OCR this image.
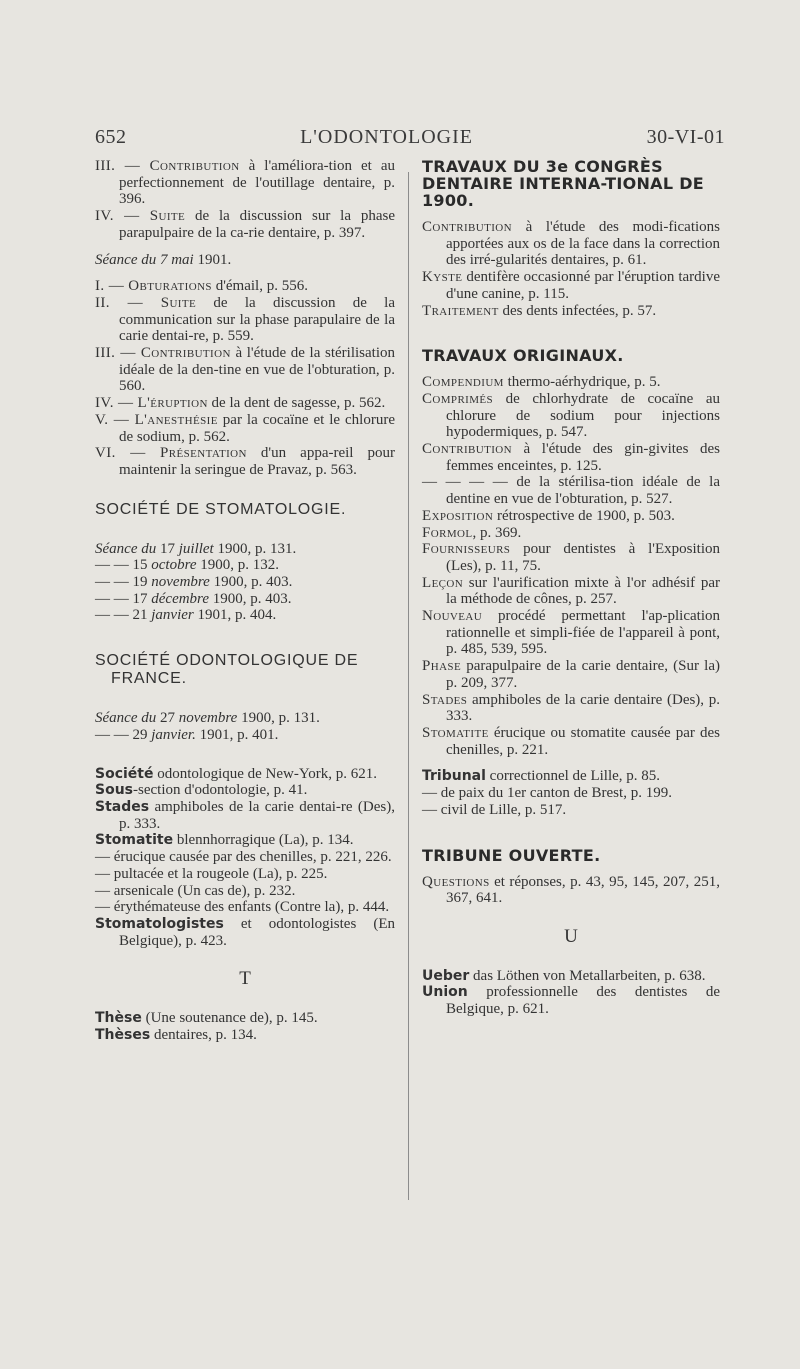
652	L'ODONTOLOGIE	30-VI-01
III. — Contribution à l'améliora-tion et au perfectionnement de l'outillage dentaire, p. 396.
IV. — Suite de la discussion sur la phase parapulpaire de la ca-rie dentaire, p. 397.
Séance du 7 mai 1901.
I. — Obturations d'émail, p. 556.
II. — Suite de la discussion de la communication sur la phase parapulaire de la carie dentai-re, p. 559.
III. — Contribution à l'étude de la stérilisation idéale de la den-tine en vue de l'obturation, p. 560.
IV. — L'éruption de la dent de sagesse, p. 562.
V. — L'anesthésie par la cocaïne et le chlorure de sodium, p. 562.
VI. — Présentation d'un appa-reil pour maintenir la seringue de Pravaz, p. 563.
SOCIÉTÉ DE STOMATOLOGIE.
Séance du 17 juillet 1900, p. 131.
— — 15 octobre 1900, p. 132.
— — 19 novembre 1900, p. 403.
— — 17 décembre 1900, p. 403.
— — 21 janvier 1901, p. 404.
SOCIÉTÉ ODONTOLOGIQUE DE FRANCE.
Séance du 27 novembre 1900, p. 131.
— — 29 janvier. 1901, p. 401.
Société odontologique de New-York, p. 621.
Sous-section d'odontologie, p. 41.
Stades amphiboles de la carie dentai-re (Des), p. 333.
Stomatite blennhorragique (La), p. 134.
— érucique causée par des chenilles, p. 221, 226.
— pultacée et la rougeole (La), p. 225.
— arsenicale (Un cas de), p. 232.
— érythémateuse des enfants (Contre la), p. 444.
Stomatologistes et odontologistes (En Belgique), p. 423.
T
Thèse (Une soutenance de), p. 145.
Thèses dentaires, p. 134.
TRAVAUX DU 3e CONGRÈS DENTAIRE INTERNA-TIONAL DE 1900.
Contribution à l'étude des modi-fications apportées aux os de la face dans la correction des irré-gularités dentaires, p. 61.
Kyste dentifère occasionné par l'éruption tardive d'une canine, p. 115.
Traitement des dents infectées, p. 57.
TRAVAUX ORIGINAUX.
Compendium thermo-aérhydrique, p. 5.
Comprimés de chlorhydrate de cocaïne au chlorure de sodium pour injections hypodermiques, p. 547.
Contribution à l'étude des gin-givites des femmes enceintes, p. 125.
— — — — de la stérilisa-tion idéale de la dentine en vue de l'obturation, p. 527.
Exposition rétrospective de 1900, p. 503.
Formol, p. 369.
Fournisseurs pour dentistes à l'Exposition (Les), p. 11, 75.
Leçon sur l'aurification mixte à l'or adhésif par la méthode de cônes, p. 257.
Nouveau procédé permettant l'ap-plication rationnelle et simpli-fiée de l'appareil à pont, p. 485, 539, 595.
Phase parapulpaire de la carie dentaire, (Sur la) p. 209, 377.
Stades amphiboles de la carie dentaire (Des), p. 333.
Stomatite érucique ou stomatite causée par des chenilles, p. 221.
Tribunal correctionnel de Lille, p. 85.
— de paix du 1er canton de Brest, p. 199.
— civil de Lille, p. 517.
TRIBUNE OUVERTE.
Questions et réponses, p. 43, 95, 145, 207, 251, 367, 641.
U
Ueber das Löthen von Metallarbeiten, p. 638.
Union professionnelle des dentistes de Belgique, p. 621.
